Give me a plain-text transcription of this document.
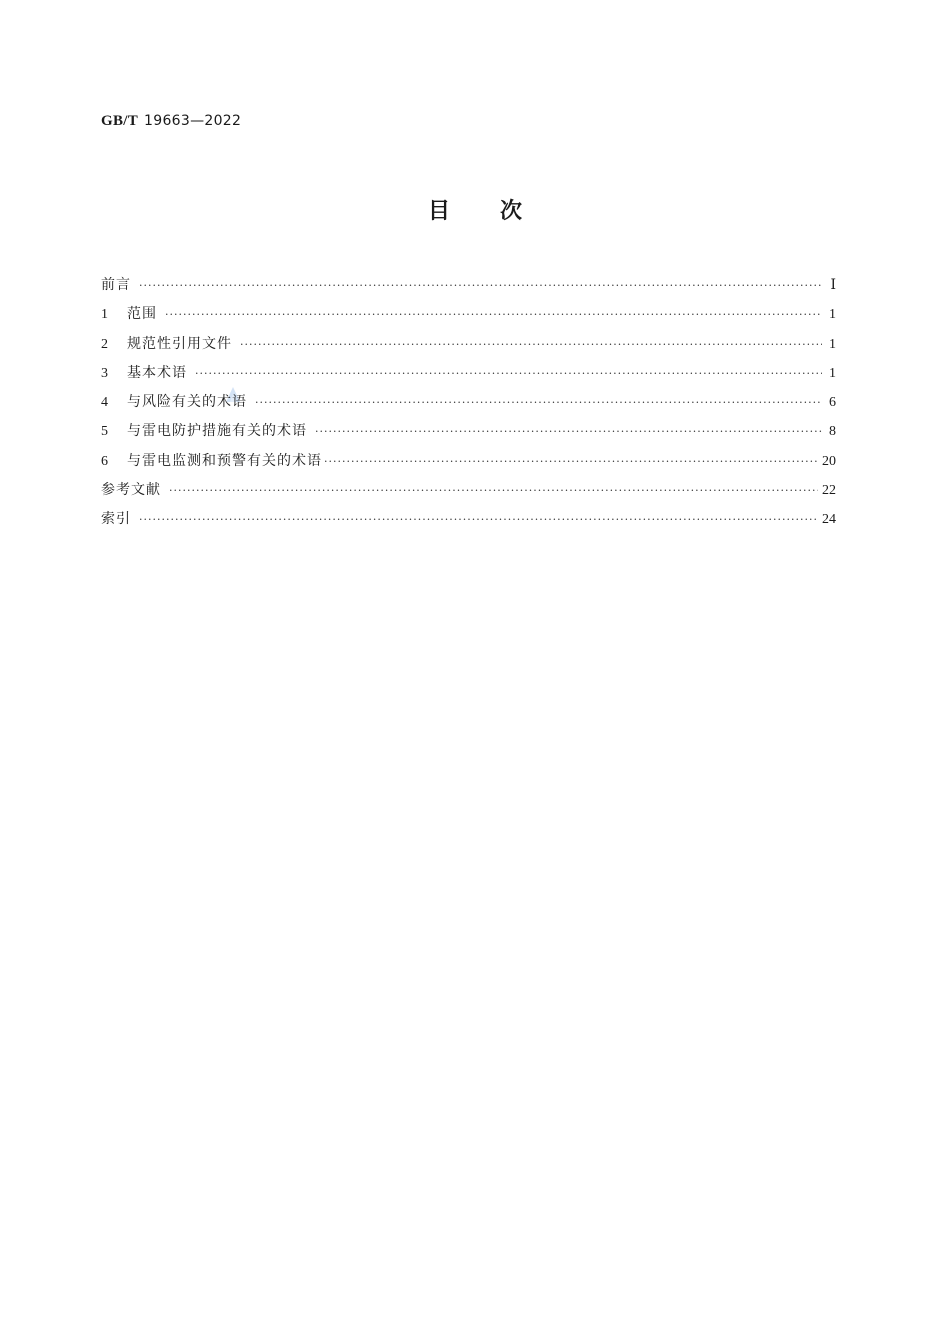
GB/T 19663—2022
目次
前言 ·····	Ⅰ
1	范围 ·····	1
2	规范性引用文件 ·····	1
3	基本术语 ·····	1
4	与风险有关的术语 ·····	6
5	与雷电防护措施有关的术语 ·····	8
6	与雷电监测和预警有关的术语 ·····	20
参考文献 ·····	22
索引 ·····	24
